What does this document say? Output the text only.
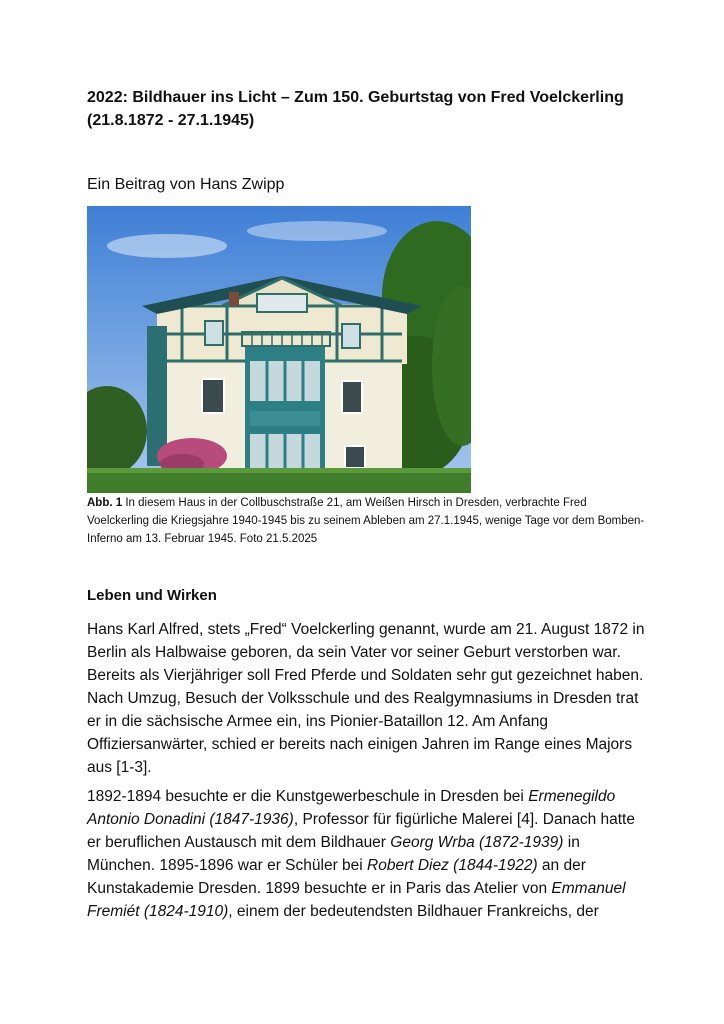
2022: Bildhauer ins Licht – Zum 150. Geburtstag von Fred Voelckerling (21.8.1872 - 27.1.1945)

Ein Beitrag von Hans Zwipp

Abb. 1 In diesem Haus in der Collbuschstraße 21, am Weißen Hirsch in Dresden, verbrachte Fred Voelckerling die Kriegsjahre 1940-1945 bis zu seinem Ableben am 27.1.1945, wenige Tage vor dem Bomben-Inferno am 13. Februar 1945. Foto 21.5.2025

Leben und Wirken

Hans Karl Alfred, stets „Fred“ Voelckerling genannt, wurde am 21. August 1872 in Berlin als Halbwaise geboren, da sein Vater vor seiner Geburt verstorben war. Bereits als Vierjähriger soll Fred Pferde und Soldaten sehr gut gezeichnet haben. Nach Umzug, Besuch der Volksschule und des Realgymnasiums in Dresden trat er in die sächsische Armee ein, ins Pionier-Bataillon 12. Am Anfang Offiziersanwärter, schied er bereits nach einigen Jahren im Range eines Majors aus [1-3].

1892-1894 besuchte er die Kunstgewerbeschule in Dresden bei Ermenegildo Antonio Donadini (1847-1936), Professor für figürliche Malerei [4]. Danach hatte er beruflichen Austausch mit dem Bildhauer Georg Wrba (1872-1939) in München. 1895-1896 war er Schüler bei Robert Diez (1844-1922) an der Kunstakademie Dresden. 1899 besuchte er in Paris das Atelier von Emmanuel Fremiét (1824-1910), einem der bedeutendsten Bildhauer Frankreichs, der
